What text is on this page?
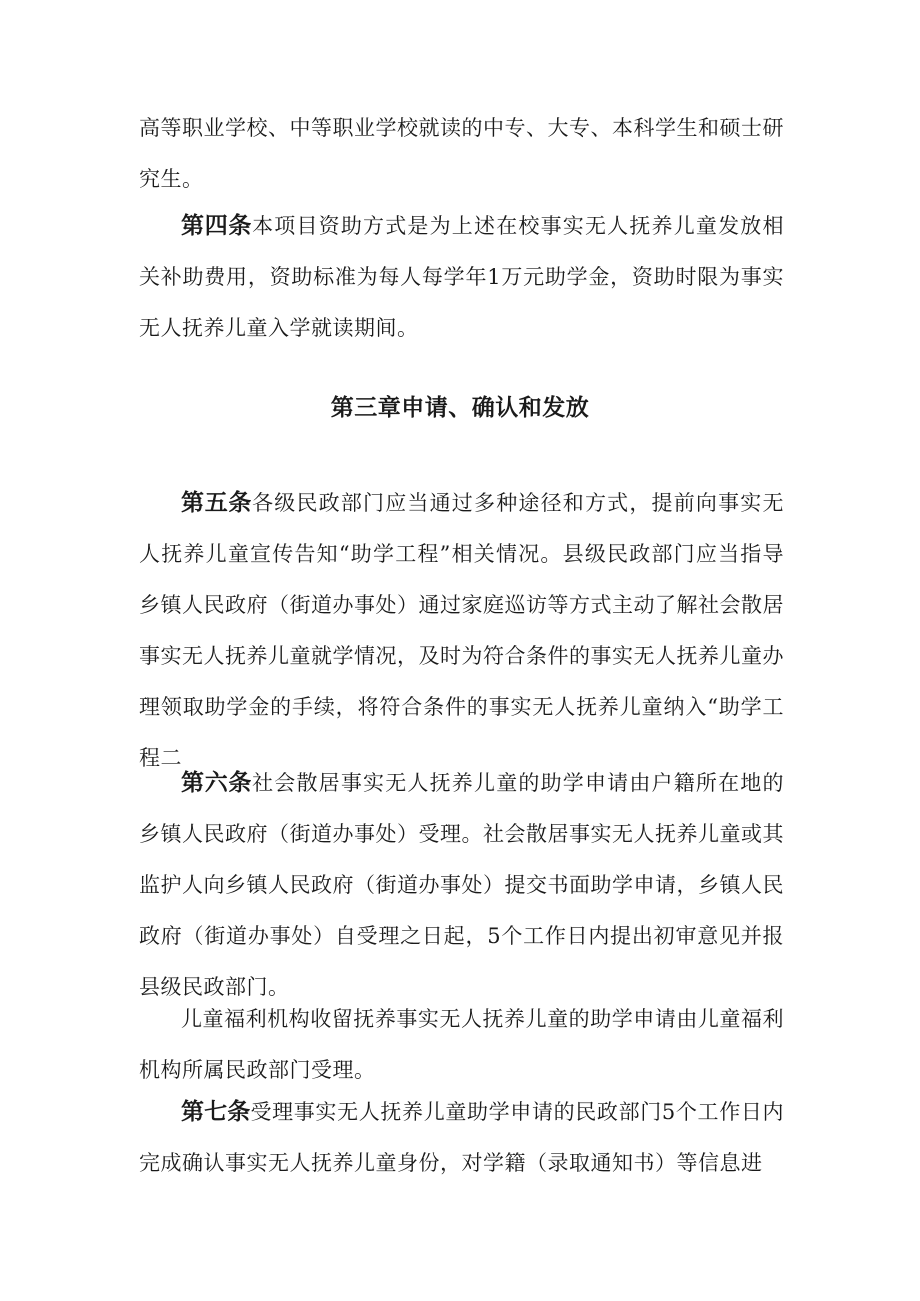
高等职业学校、中等职业学校就读的中专、大专、本科学生和硕士研究生。

第四条本项目资助方式是为上述在校事实无人抚养儿童发放相关补助费用，资助标准为每人每学年1万元助学金，资助时限为事实无人抚养儿童入学就读期间。

第三章申请、确认和发放

第五条各级民政部门应当通过多种途径和方式，提前向事实无人抚养儿童宣传告知“助学工程”相关情况。县级民政部门应当指导乡镇人民政府（街道办事处）通过家庭巡访等方式主动了解社会散居事实无人抚养儿童就学情况，及时为符合条件的事实无人抚养儿童办理领取助学金的手续，将符合条件的事实无人抚养儿童纳入“助学工程二

第六条社会散居事实无人抚养儿童的助学申请由户籍所在地的乡镇人民政府（街道办事处）受理。社会散居事实无人抚养儿童或其监护人向乡镇人民政府（街道办事处）提交书面助学申请，乡镇人民政府（街道办事处）自受理之日起，5个工作日内提出初审意见并报县级民政部门。

儿童福利机构收留抚养事实无人抚养儿童的助学申请由儿童福利机构所属民政部门受理。

第七条受理事实无人抚养儿童助学申请的民政部门5个工作日内完成确认事实无人抚养儿童身份，对学籍（录取通知书）等信息进
